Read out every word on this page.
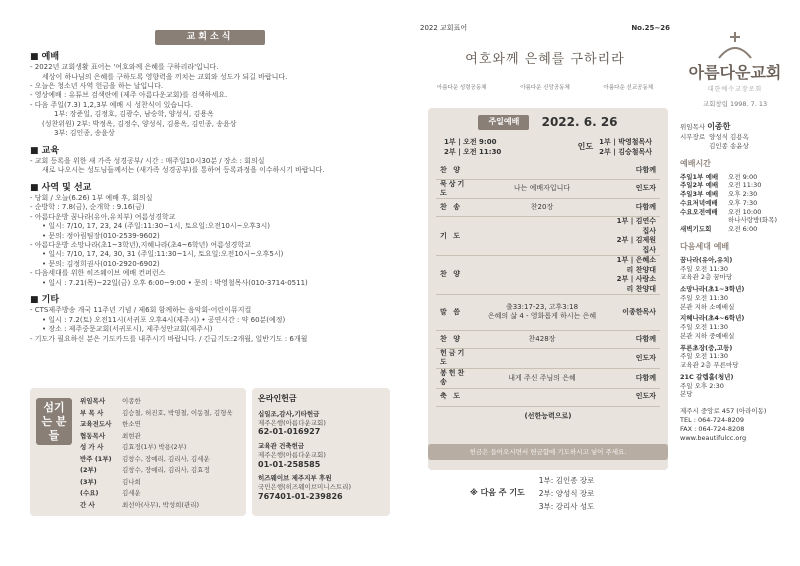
교회소식
■ 예배
- 2022년 교회생활 표어는 '여호와께 은혜를 구하리라'입니다.
세상이 하나님의 은혜를 구하도록 영향력을 끼치는 교회와 성도가 되길 바랍니다.
- 오늘은 청소년 사역 헌금을 하는 날입니다.
- 영상예배 : 유튜브 검색란에 (제주 아름다운교회)를 검색하세요.
- 다음 주일(7.3) 1,2,3부 예배 시 성찬식이 있습니다.
1부: 장준일, 김정호, 김광수, 남승학, 양성식, 김용옥
(성찬위원) 2부: 박정옥, 김정수, 양성식, 김용옥, 김인종, 송윤상
3부: 김인종, 송윤상
■ 교육
- 교회 등록을 위한 새 가족 성경공부/ 시간 : 매주일10시30분 / 장소 : 회의실
새로 나오시는 성도님들께서는 (새가족 성경공부)를 통하여 등록과정을 이수하시기 바랍니다.
■ 사역 및 선교
- 당회 / 오늘(6.26) 1부 예배 후, 회의실
- 순방학 : 7.8(금), 순개학 : 9.16(금)
- 아름다운방 꿈나라(유아,유치부) 여름성경학교
• 일시: 7/10, 17, 23, 24 (주일:11:30~1시, 토요일:오전10시~오후3시)
• 문의: 정아림팀장(010-2539-9602)
- 아름다운방 소망나라(초1~3학년),지혜나라(초4~6학년) 여름성경학교
• 일시: 7/10, 17, 24, 30, 31 (주일:11:30~1시, 토요일:오전10시~오후5시)
• 문의: 김정희권사(010-2920-6902)
- 다음세대를 위한 히즈웨이브 예배 컨퍼런스
• 일시 : 7.21(목)~22일(금) 오후 6:00~9:00 • 문의 : 박영철목사(010-3714-0511)
■ 기타
- CTS제주방송 개국 11주년 기념 / 제6회 함께하는 음악회-어린이뮤지컬
• 일시 : 7.2(토) 오전11시(서귀포 오후4시(제주시) • 공연시간 : 약 60분(예정)
• 장소 : 제주중문교회(서귀포시), 제주성안교회(제주시)
- 기도가 필요하신 분은 기도카드를 내주시기 바랍니다. / 긴급기도:2개월, 일반기도 : 6개월
섬기는 분들
위임목사	이종한
부 목 사	김승철, 허진호, 박영철, 이동철, 김형욱
교육전도사	한소연
협동목사	최현관
성 가 사	김효정(1부) 박용(2부)
반주 (1부)	김창수, 장예리, 김리사, 김세운
(2부)	김창수, 장예리, 김리사, 김효정
(3부)	김나희
(수요)	김세운
간 사	최선아(사무), 박성희(관리)
온라인헌금
십일조,감사,기타헌금
제주은행(아름다운교회)
62-01-016927
교육관 건축헌금
제주은행(아름다운교회)
01-01-258585
히즈웨이브 제주지부 후원
국민은행(히즈웨이브미니스트리)
767401-01-239826
2022 교회표어	No.25~26
여호와께 은혜를 구하리라
아름다운 성령공동체	아름다운 신앙공동체	아름다운 선교공동체
주일예배 2022. 6. 26
1부 | 오전 9:00
2부 | 오전 11:30
인도
1부 | 박영철목사
2부 | 김승철목사
찬 양		다함께
묵상기도	나는 예배자입니다	인도자
찬 송	찬20장	다함께
기 도		1부 | 김연수 집사
2부 | 김제원 집사
찬 양		1부 | 은혜소리 찬양대
2부 | 사랑소리 찬양대
말 씀	출33:17-23, 고후3:18
은혜의 삶 4 - 영화롭게 하시는 은혜	이종한목사
찬 양	찬428장	다함께
헌금기도		인도자
봉헌찬송	내게 주신 주님의 은혜	다함께
축 도		인도자
(선한능력으로)
헌금은 들어오시면서 헌금함에 기도하시고 넣어 주세요.
※ 다음 주 기도
1부: 김인종 장로
2부: 양성식 장로
3부: 강리사 성도
아름다운교회
대한예수교장로회
교회창립 1998. 7. 13
위임목사 이종한
시무장로 양성식 김용옥
김인종 송윤상
예배시간
주일1부 예배 오전 9:00
주일2부 예배 오전 11:30
주일3부 예배 오후 2:30
수요저녁예배 오후 7:30
수요오전예배 오전 10:00
하나사랑방(화목)
새벽기도회	오전 6:00
다음세대 예배
꿈나라(유아,유치)
주일 오전 11:30
교육관 2층 꿈마당
소망나라(초1~3학년)
주일 오전 11:30
본관 지하 소예배실
지혜나라(초4~6학년)
주일 오전 11:30
본관 지하 중예배실
푸른초장(중,고등)
주일 오전 11:30
교육관 2층 푸른마당
21C 갈렙홀(청년)
주일 오후 2:30
본당
제주시 중앙로 457 (아라이동)
TEL : 064-724-8209
FAX : 064-724-8208
www.beautifulcc.org
